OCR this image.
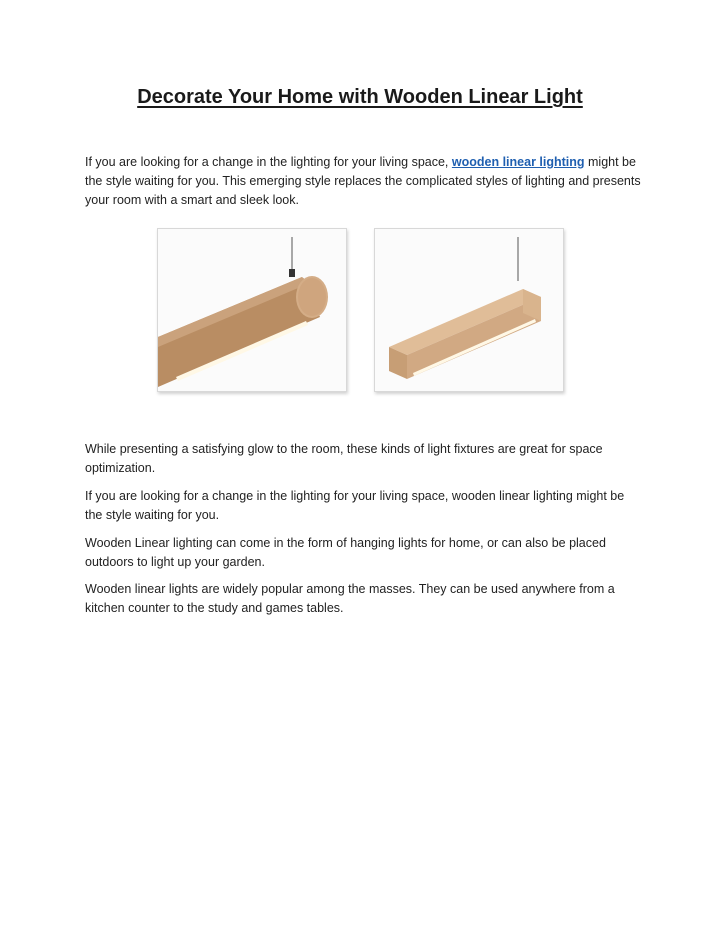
Decorate Your Home with Wooden Linear Light

If you are looking for a change in the lighting for your living space, wooden linear lighting might be the style waiting for you. This emerging style replaces the complicated styles of lighting and presents your room with a smart and sleek look.

While presenting a satisfying glow to the room, these kinds of light fixtures are great for space optimization.

If you are looking for a change in the lighting for your living space, wooden linear lighting might be the style waiting for you.

Wooden Linear lighting can come in the form of hanging lights for home, or can also be placed outdoors to light up your garden.

Wooden linear lights are widely popular among the masses. They can be used anywhere from a kitchen counter to the study and games tables.
